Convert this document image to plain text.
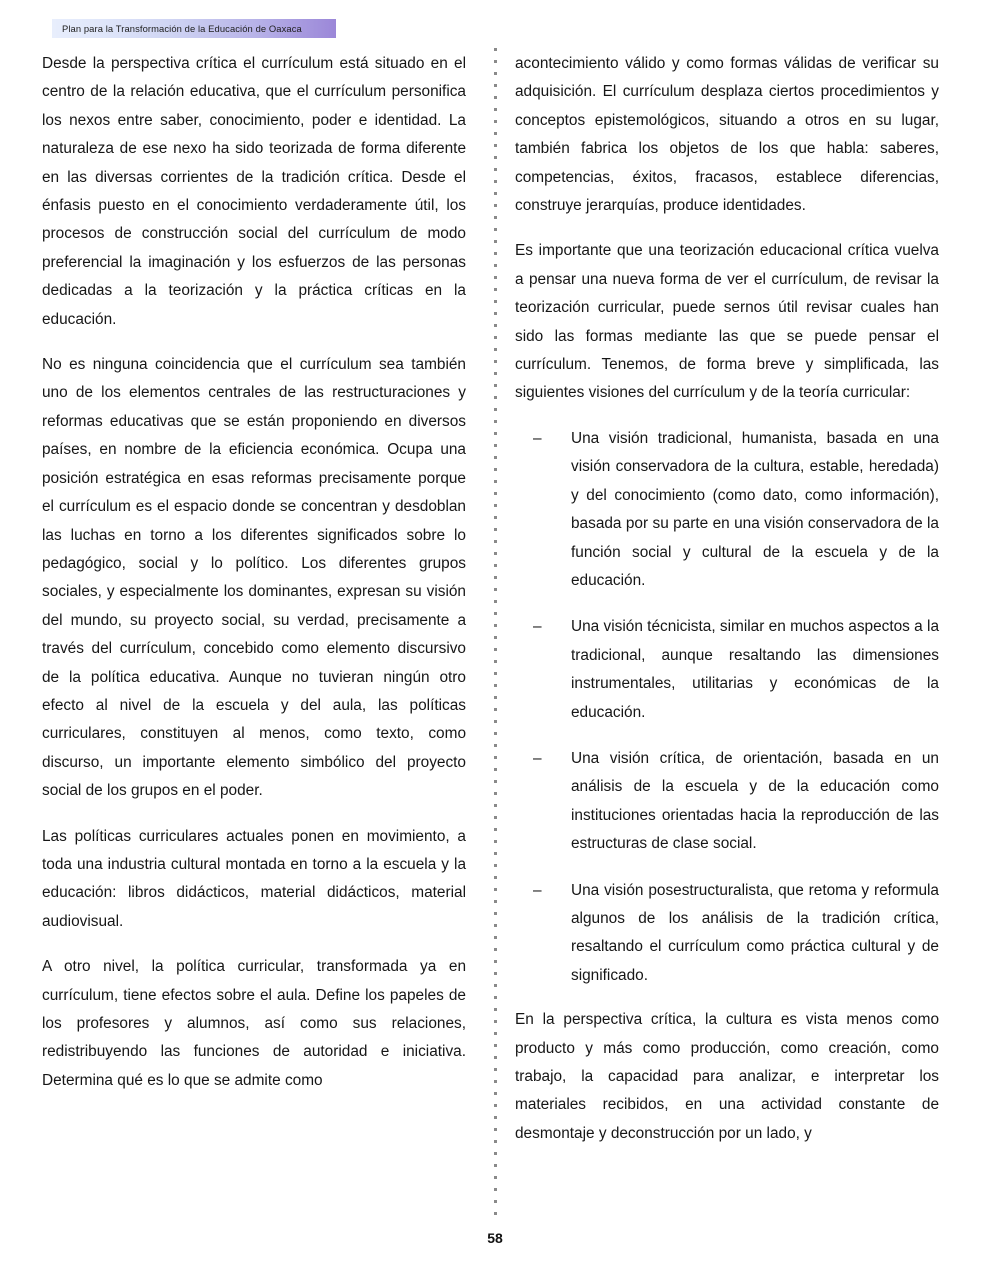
Plan para la Transformación de la Educación de Oaxaca

Desde la perspectiva crítica el currículum está situado en el centro de la relación educativa, que el currículum personifica los nexos entre saber, conocimiento, poder e identidad. La naturaleza de ese nexo ha sido teorizada de forma diferente en las diversas corrientes de la tradición crítica. Desde el énfasis puesto en el conocimiento verdaderamente útil, los procesos de construcción social del currículum de modo preferencial la imaginación y los esfuerzos de las personas dedicadas a la teorización y la práctica críticas en la educación.

No es ninguna coincidencia que el currículum sea también uno de los elementos centrales de las restructuraciones y reformas educativas que se están proponiendo en diversos países, en nombre de la eficiencia económica. Ocupa una posición estratégica en esas reformas precisamente porque el currículum es el espacio donde se concentran y desdoblan las luchas en torno a los diferentes significados sobre lo pedagógico, social y lo político. Los diferentes grupos sociales, y especialmente los dominantes, expresan su visión del mundo, su proyecto social, su verdad, precisamente a través del currículum, concebido como elemento discursivo de la política educativa. Aunque no tuvieran ningún otro efecto al nivel de la escuela y del aula, las políticas curriculares, constituyen al menos, como texto, como discurso, un importante elemento simbólico del proyecto social de los grupos en el poder.

Las políticas curriculares actuales ponen en movimiento, a toda una industria cultural montada en torno a la escuela y la educación: libros didácticos, material didácticos, material audiovisual.

A otro nivel, la política curricular, transformada ya en currículum, tiene efectos sobre el aula. Define los papeles de los profesores y alumnos, así como sus relaciones, redistribuyendo las funciones de autoridad e iniciativa. Determina qué es lo que se admite como

acontecimiento válido y como formas válidas de verificar su adquisición. El currículum desplaza ciertos procedimientos y conceptos epistemológicos, situando a otros en su lugar, también fabrica los objetos de los que habla: saberes, competencias, éxitos, fracasos, establece diferencias, construye jerarquías, produce identidades.

Es importante que una teorización educacional crítica vuelva a pensar una nueva forma de ver el currículum, de revisar la teorización curricular, puede sernos útil revisar cuales han sido las formas mediante las que se puede pensar el currículum. Tenemos, de forma breve y simplificada, las siguientes visiones del currículum y de la teoría curricular:

– Una visión tradicional, humanista, basada en una visión conservadora de la cultura, estable, heredada) y del conocimiento (como dato, como información), basada por su parte en una visión conservadora de la función social y cultural de la escuela y de la educación.
– Una visión técnicista, similar en muchos aspectos a la tradicional, aunque resaltando las dimensiones instrumentales, utilitarias y económicas de la educación.
– Una visión crítica, de orientación, basada en un análisis de la escuela y de la educación como instituciones orientadas hacia la reproducción de las estructuras de clase social.
– Una visión posestructuralista, que retoma y reformula algunos de los análisis de la tradición crítica, resaltando el currículum como práctica cultural y de significado.

En la perspectiva crítica, la cultura es vista menos como producto y más como producción, como creación, como trabajo, la capacidad para analizar, e interpretar los materiales recibidos, en una actividad constante de desmontaje y deconstrucción por un lado, y

58
